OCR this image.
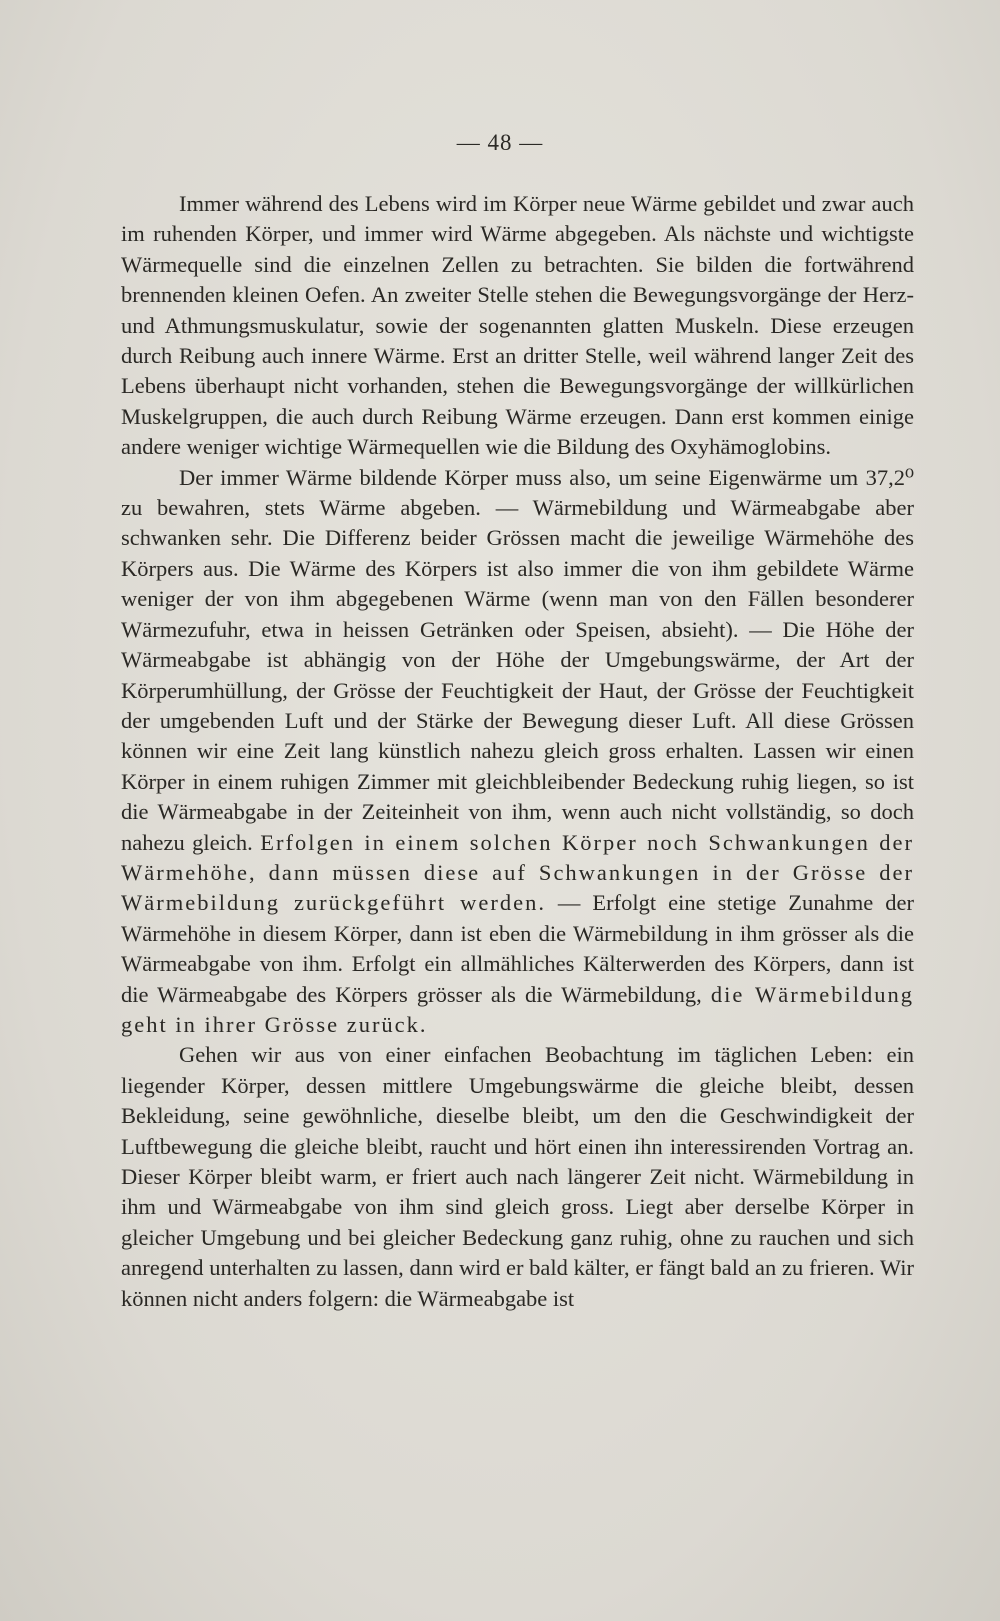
— 48 —

Immer während des Lebens wird im Körper neue Wärme gebildet und zwar auch im ruhenden Körper, und immer wird Wärme abgegeben. Als nächste und wichtigste Wärmequelle sind die einzelnen Zellen zu betrachten. Sie bilden die fortwährend brennenden kleinen Oefen. An zweiter Stelle stehen die Bewegungsvorgänge der Herz- und Athmungsmuskulatur, sowie der sogenannten glatten Muskeln. Diese erzeugen durch Reibung auch innere Wärme. Erst an dritter Stelle, weil während langer Zeit des Lebens überhaupt nicht vorhanden, stehen die Bewegungsvorgänge der willkürlichen Muskelgruppen, die auch durch Reibung Wärme erzeugen. Dann erst kommen einige andere weniger wichtige Wärmequellen wie die Bildung des Oxyhämoglobins.

Der immer Wärme bildende Körper muss also, um seine Eigenwärme um 37,2⁰ zu bewahren, stets Wärme abgeben. — Wärmebildung und Wärmeabgabe aber schwanken sehr. Die Differenz beider Grössen macht die jeweilige Wärmehöhe des Körpers aus. Die Wärme des Körpers ist also immer die von ihm gebildete Wärme weniger der von ihm abgegebenen Wärme (wenn man von den Fällen besonderer Wärmezufuhr, etwa in heissen Getränken oder Speisen, absieht). — Die Höhe der Wärmeabgabe ist abhängig von der Höhe der Umgebungswärme, der Art der Körperumhüllung, der Grösse der Feuchtigkeit der Haut, der Grösse der Feuchtigkeit der umgebenden Luft und der Stärke der Bewegung dieser Luft. All diese Grössen können wir eine Zeit lang künstlich nahezu gleich gross erhalten. Lassen wir einen Körper in einem ruhigen Zimmer mit gleichbleibender Bedeckung ruhig liegen, so ist die Wärmeabgabe in der Zeiteinheit von ihm, wenn auch nicht vollständig, so doch nahezu gleich. Erfolgen in einem solchen Körper noch Schwankungen der Wärmehöhe, dann müssen diese auf Schwankungen in der Grösse der Wärmebildung zurückgeführt werden. — Erfolgt eine stetige Zunahme der Wärmehöhe in diesem Körper, dann ist eben die Wärmebildung in ihm grösser als die Wärmeabgabe von ihm. Erfolgt ein allmähliches Kälterwerden des Körpers, dann ist die Wärmeabgabe des Körpers grösser als die Wärmebildung, die Wärmebildung geht in ihrer Grösse zurück.

Gehen wir aus von einer einfachen Beobachtung im täglichen Leben: ein liegender Körper, dessen mittlere Umgebungswärme die gleiche bleibt, dessen Bekleidung, seine gewöhnliche, dieselbe bleibt, um den die Geschwindigkeit der Luftbewegung die gleiche bleibt, raucht und hört einen ihn interessirenden Vortrag an. Dieser Körper bleibt warm, er friert auch nach längerer Zeit nicht. Wärmebildung in ihm und Wärmeabgabe von ihm sind gleich gross. Liegt aber derselbe Körper in gleicher Umgebung und bei gleicher Bedeckung ganz ruhig, ohne zu rauchen und sich anregend unterhalten zu lassen, dann wird er bald kälter, er fängt bald an zu frieren. Wir können nicht anders folgern: die Wärmeabgabe ist
